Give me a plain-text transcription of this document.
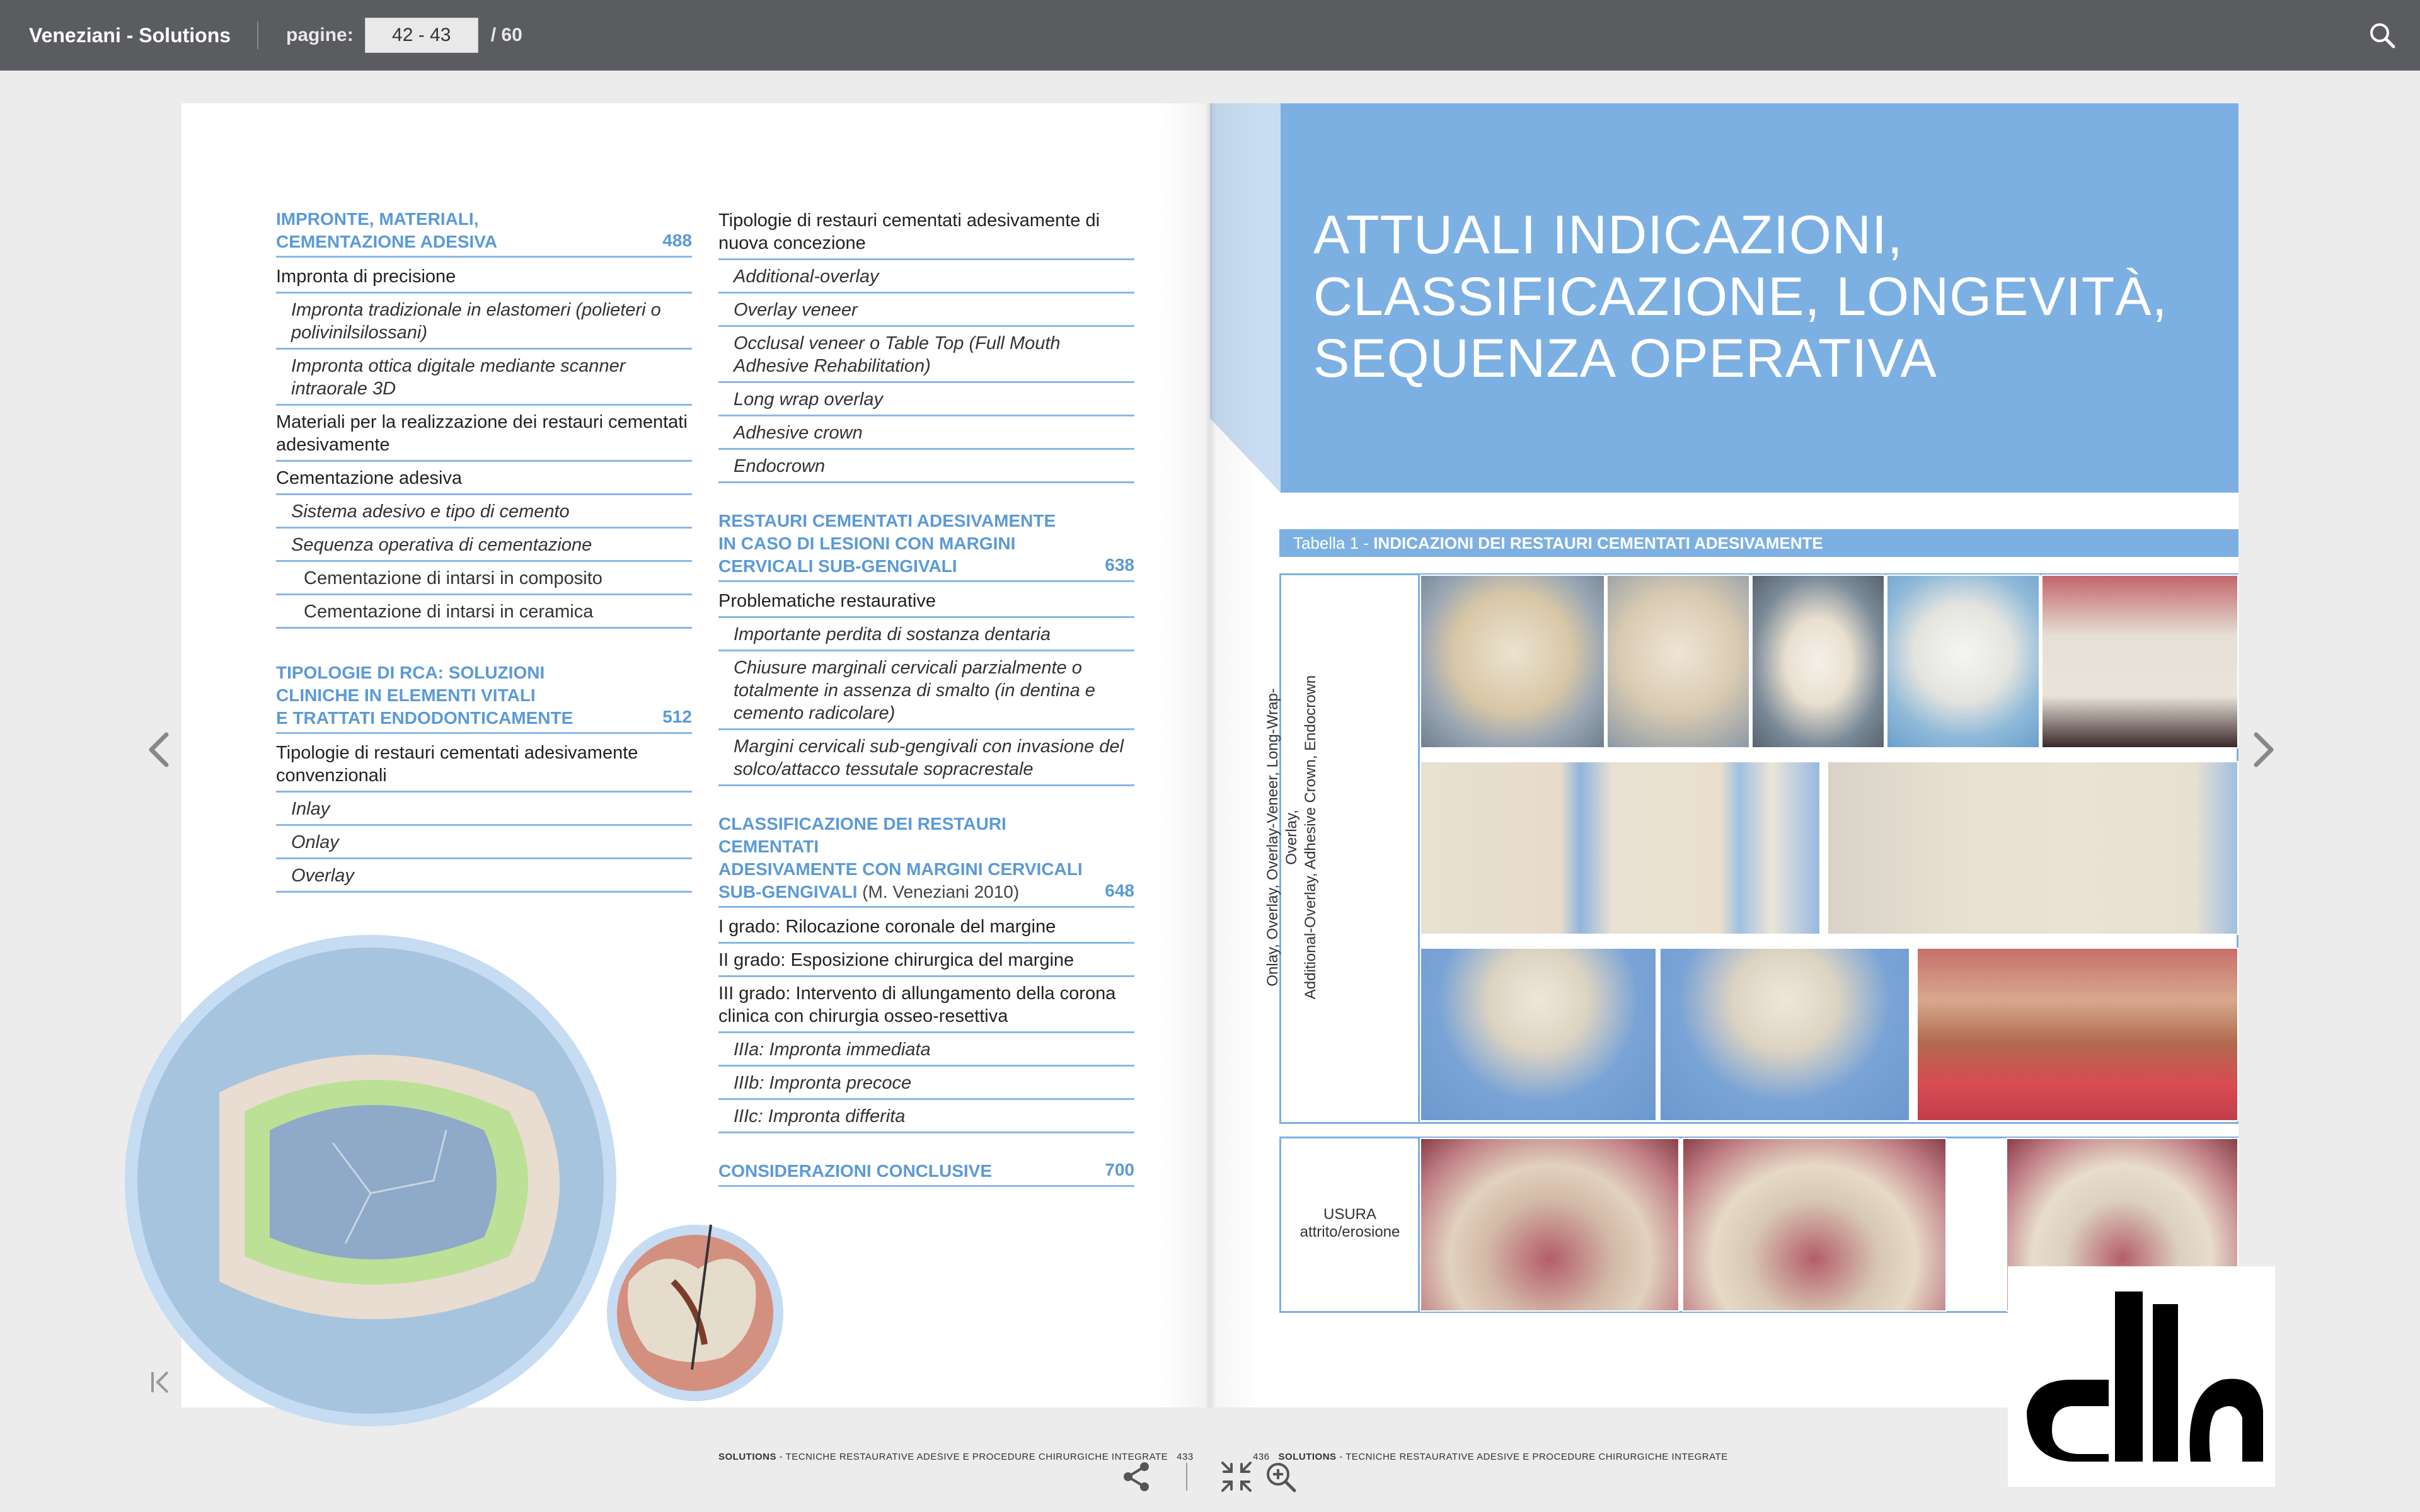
Veneziani - Solutions	pagine:
42 - 43	/ 60
IMPRONTE, MATERIALI,
CEMENTAZIONE ADESIVA	488
Impronta di precisione
Impronta tradizionale in elastomeri (polieteri o polivinilsilossani)
Impronta ottica digitale mediante scanner intraorale 3D
Materiali per la realizzazione dei restauri cementati adesivamente
Cementazione adesiva
Sistema adesivo e tipo di cemento
Sequenza operativa di cementazione
Cementazione di intarsi in composito
Cementazione di intarsi in ceramica
TIPOLOGIE DI RCA: SOLUZIONI
CLINICHE IN ELEMENTI VITALI
E TRATTATI ENDODONTICAMENTE	512
Tipologie di restauri cementati adesivamente convenzionali
Inlay
Onlay
Overlay
Tipologie di restauri cementati adesivamente di nuova concezione
Additional-overlay
Overlay veneer
Occlusal veneer o Table Top (Full Mouth Adhesive Rehabilitation)
Long wrap overlay
Adhesive crown
Endocrown
RESTAURI CEMENTATI ADESIVAMENTE
IN CASO DI LESIONI CON MARGINI
CERVICALI SUB-GENGIVALI	638
Problematiche restaurative
Importante perdita di sostanza dentaria
Chiusure marginali cervicali parzialmente o totalmente in assenza di smalto (in dentina e cemento radicolare)
Margini cervicali sub-gengivali con invasione del solco/attacco tessutale sopracrestale
CLASSIFICAZIONE DEI RESTAURI CEMENTATI
ADESIVAMENTE CON MARGINI CERVICALI
SUB-GENGIVALI (M. Veneziani 2010)	648
I grado: Rilocazione coronale del margine
II grado: Esposizione chirurgica del margine
III grado: Intervento di allungamento della corona clinica con chirurgia osseo-resettiva
IIIa: Impronta immediata
IIIb: Impronta precoce
IIIc: Impronta differita
CONSIDERAZIONI CONCLUSIVE	700
SOLUTIONS - TECNICHE RESTAURATIVE ADESIVE E PROCEDURE CHIRURGICHE INTEGRATE 433
ATTUALI INDICAZIONI,
CLASSIFICAZIONE, LONGEVITÀ,
SEQUENZA OPERATIVA
Tabella 1 - INDICAZIONI DEI RESTAURI CEMENTATI ADESIVAMENTE
Onlay, Overlay, Overlay-Veneer, Long-Wrap-Overlay, Additional-Overlay, Adhesive Crown, Endocrown
USURA
attrito/erosione
436 SOLUTIONS - TECNICHE RESTAURATIVE ADESIVE E PROCEDURE CHIRURGICHE INTEGRATE
